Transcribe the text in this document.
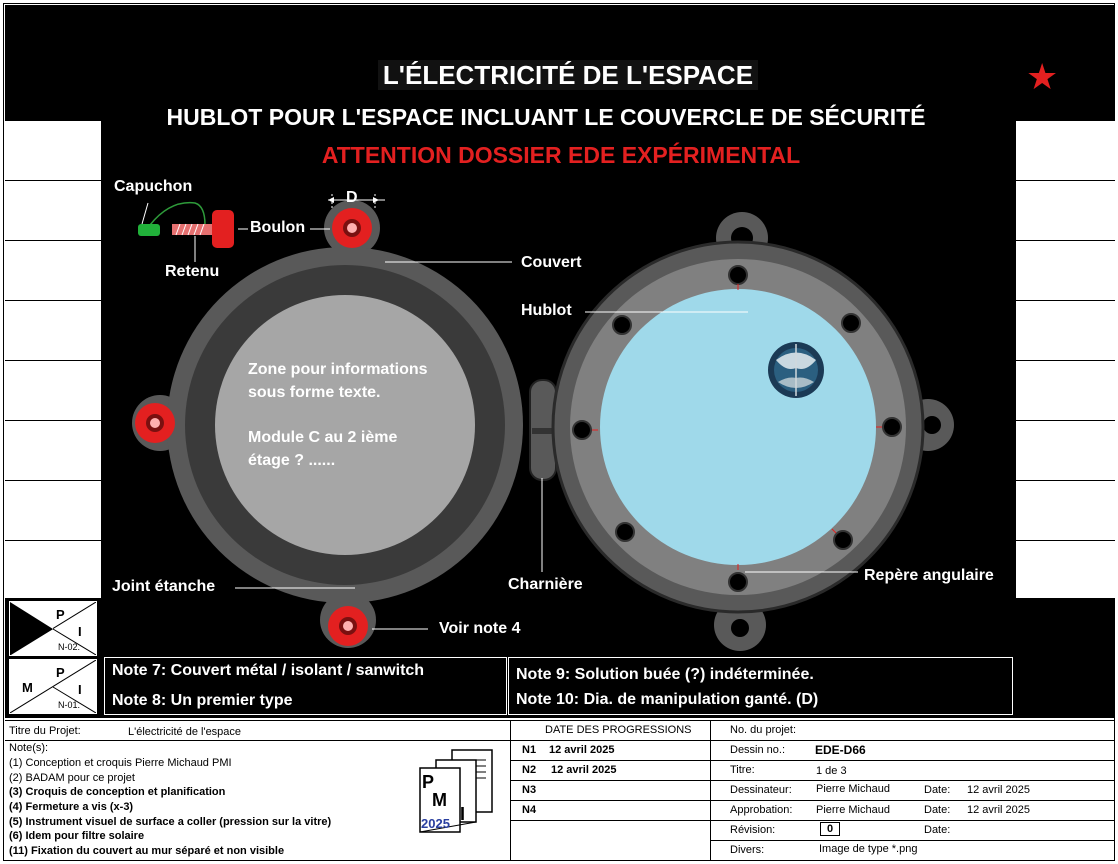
L'ÉLECTRICITÉ DE L'ESPACE	★
HUBLOT POUR L'ESPACE INCLUANT LE COUVERCLE DE SÉCURITÉ
ATTENTION DOSSIER EDE EXPÉRIMENTAL
Capuchon
Boulon
Retenu
D
Couvert
Hublot
Joint étanche	Charnière
Voir note 4
Repère angulaire
Zone pour informations
sous forme texte.
Module C au 2 ième
étage ? ......
M
P
I
N-02.
M
P
I
N-01.
Note 7: Couvert métal / isolant / sanwitch
Note 8: Un premier type
Note 9: Solution buée (?) indéterminée.
Note 10: Dia. de manipulation ganté. (D)
Titre du Projet:	L'électricité de l'espace
Note(s):
(1) Conception et croquis Pierre Michaud PMI
(2) BADAM pour ce projet
(3) Croquis de conception et planification
(4) Fermeture a vis (x-3)
(5) Instrument visuel de surface a coller (pression sur la vitre)
(6) Idem pour filtre solaire
(11) Fixation du couvert au mur séparé et non visible
P
M
I
2025
DATE DES PROGRESSIONS
N1 12 avril 2025
N2 12 avril 2025
N3
N4
No. du projet:
Dessin no.: EDE-D66
Titre:	1 de 3
Dessinateur: Pierre Michaud	Date: 12 avril 2025
Approbation: Pierre Michaud	Date: 12 avril 2025
Révision:	0	Date:
Divers:	Image de type *.png
